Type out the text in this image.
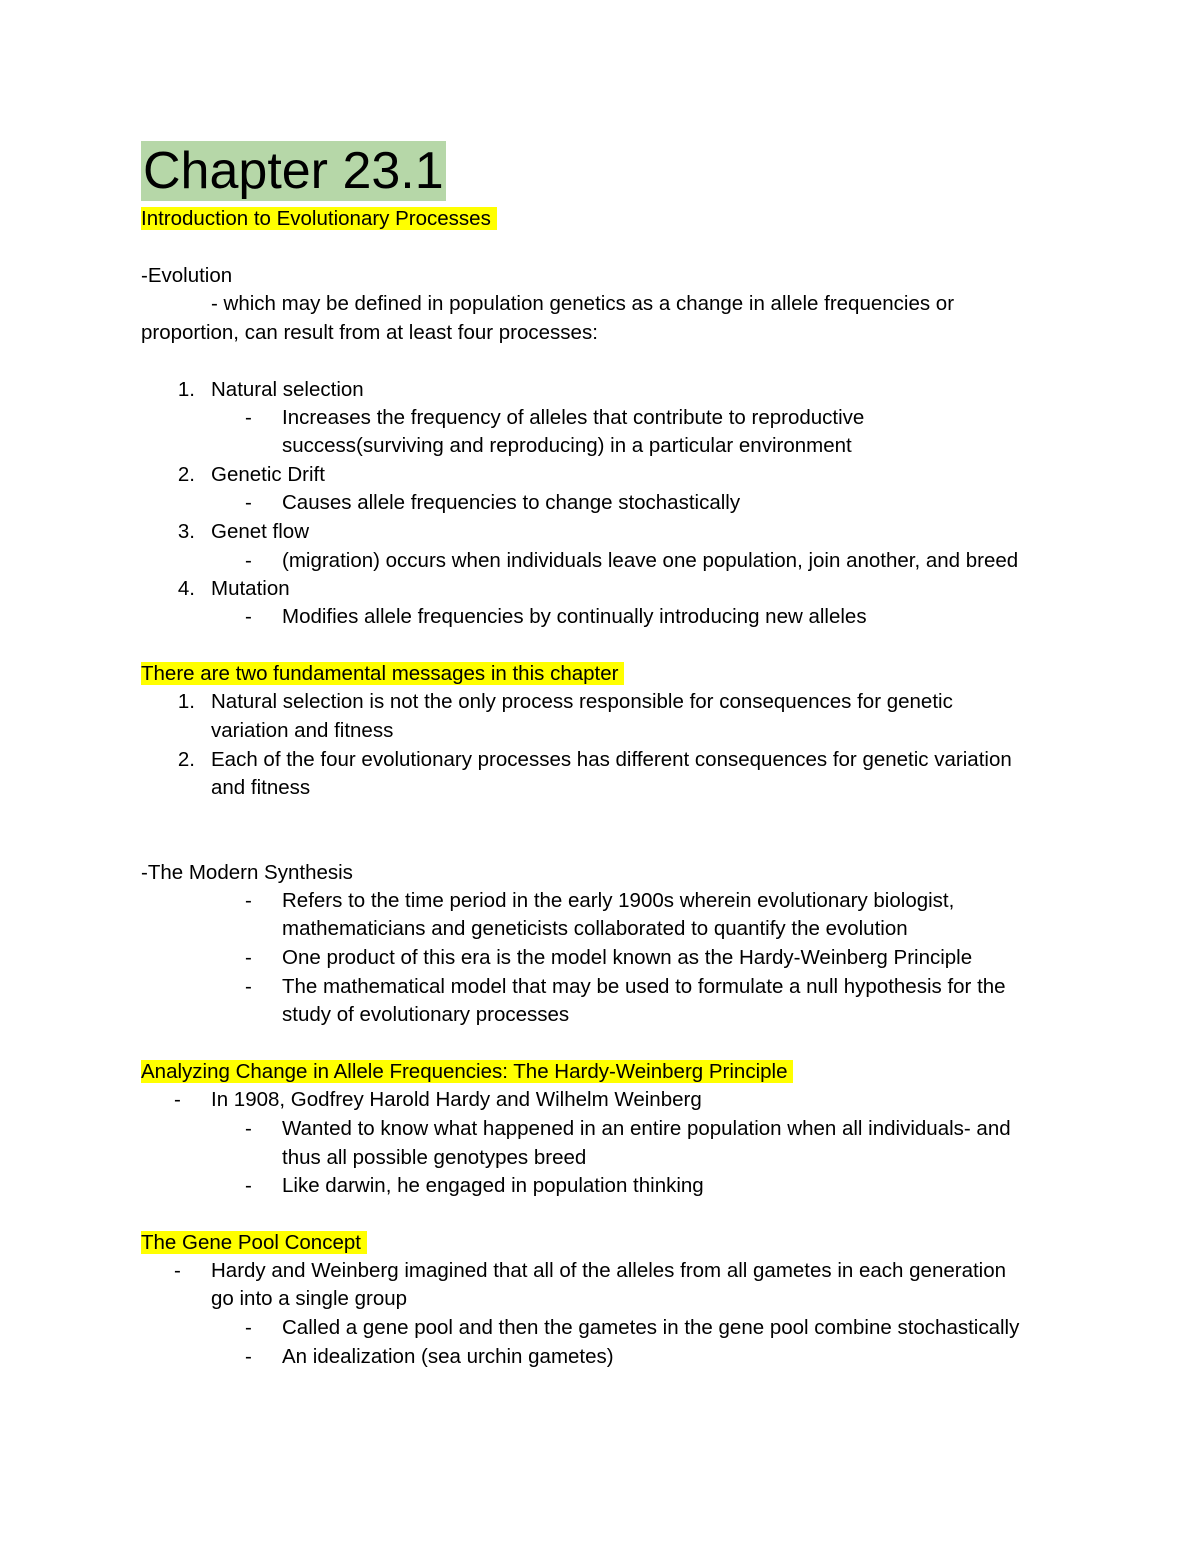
Chapter 23.1
Introduction to Evolutionary Processes
-Evolution
- which may be defined in population genetics as a change in allele frequencies or
proportion, can result from at least four processes:
1. Natural selection
- Increases the frequency of alleles that contribute to reproductive
success(surviving and reproducing) in a particular environment
2. Genetic Drift
- Causes allele frequencies to change stochastically
3. Genet flow
- (migration) occurs when individuals leave one population, join another, and breed
4. Mutation
- Modifies allele frequencies by continually introducing new alleles
There are two fundamental messages in this chapter
1. Natural selection is not the only process responsible for consequences for genetic
variation and fitness
2. Each of the four evolutionary processes has different consequences for genetic variation
and fitness
-The Modern Synthesis
- Refers to the time period in the early 1900s wherein evolutionary biologist,
mathematicians and geneticists collaborated to quantify the evolution
- One product of this era is the model known as the Hardy-Weinberg Principle
- The mathematical model that may be used to formulate a null hypothesis for the
study of evolutionary processes
Analyzing Change in Allele Frequencies: The Hardy-Weinberg Principle
- In 1908, Godfrey Harold Hardy and Wilhelm Weinberg
- Wanted to know what happened in an entire population when all individuals- and
thus all possible genotypes breed
- Like darwin, he engaged in population thinking
The Gene Pool Concept
- Hardy and Weinberg imagined that all of the alleles from all gametes in each generation
go into a single group
- Called a gene pool and then the gametes in the gene pool combine stochastically
- An idealization (sea urchin gametes)
